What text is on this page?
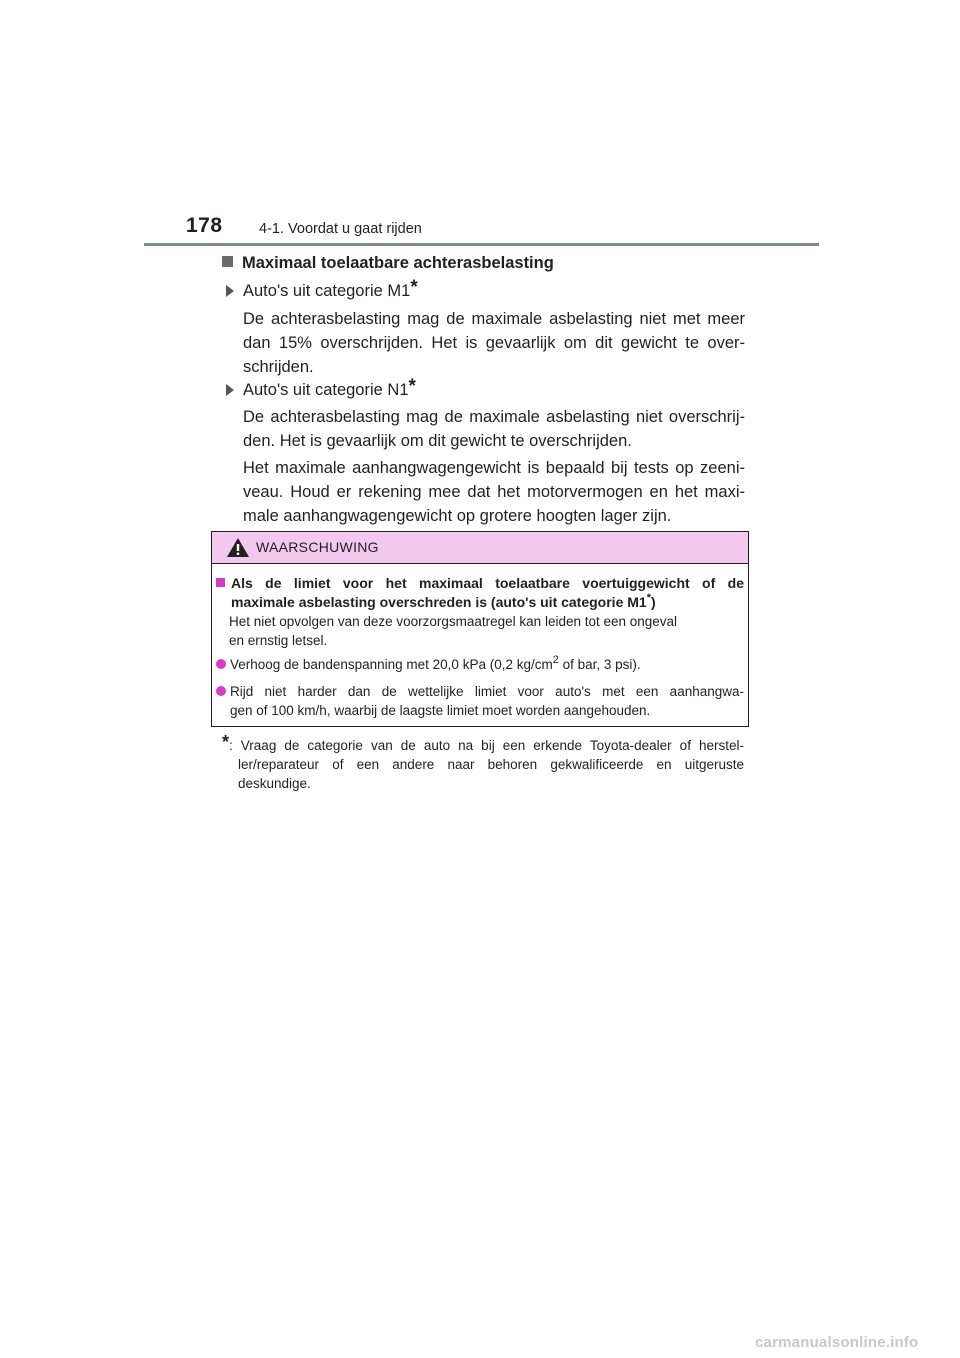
178	4-1. Voordat u gaat rijden
Maximaal toelaatbare achterasbelasting
Auto's uit categorie M1*
De achterasbelasting mag de maximale asbelasting niet met meer
dan 15% overschrijden. Het is gevaarlijk om dit gewicht te over-
schrijden.
Auto's uit categorie N1*
De achterasbelasting mag de maximale asbelasting niet overschrij-
den. Het is gevaarlijk om dit gewicht te overschrijden.
Het maximale aanhangwagengewicht is bepaald bij tests op zeeni-
veau. Houd er rekening mee dat het motorvermogen en het maxi-
male aanhangwagengewicht op grotere hoogten lager zijn.
WAARSCHUWING
Als de limiet voor het maximaal toelaatbare voertuiggewicht of de
maximale asbelasting overschreden is (auto's uit categorie M1*)
Het niet opvolgen van deze voorzorgsmaatregel kan leiden tot een ongeval
en ernstig letsel.
Verhoog de bandenspanning met 20,0 kPa (0,2 $kg/cm^2$ of bar, 3 psi).
Rijd niet harder dan de wettelijke limiet voor auto's met een aanhangwa-
gen of 100 km/h, waarbij de laagste limiet moet worden aangehouden.
*: Vraag de categorie van de auto na bij een erkende Toyota-dealer of herstel-
ler/reparateur of een andere naar behoren gekwalificeerde en uitgeruste
deskundige.
carmanualsonline.info
